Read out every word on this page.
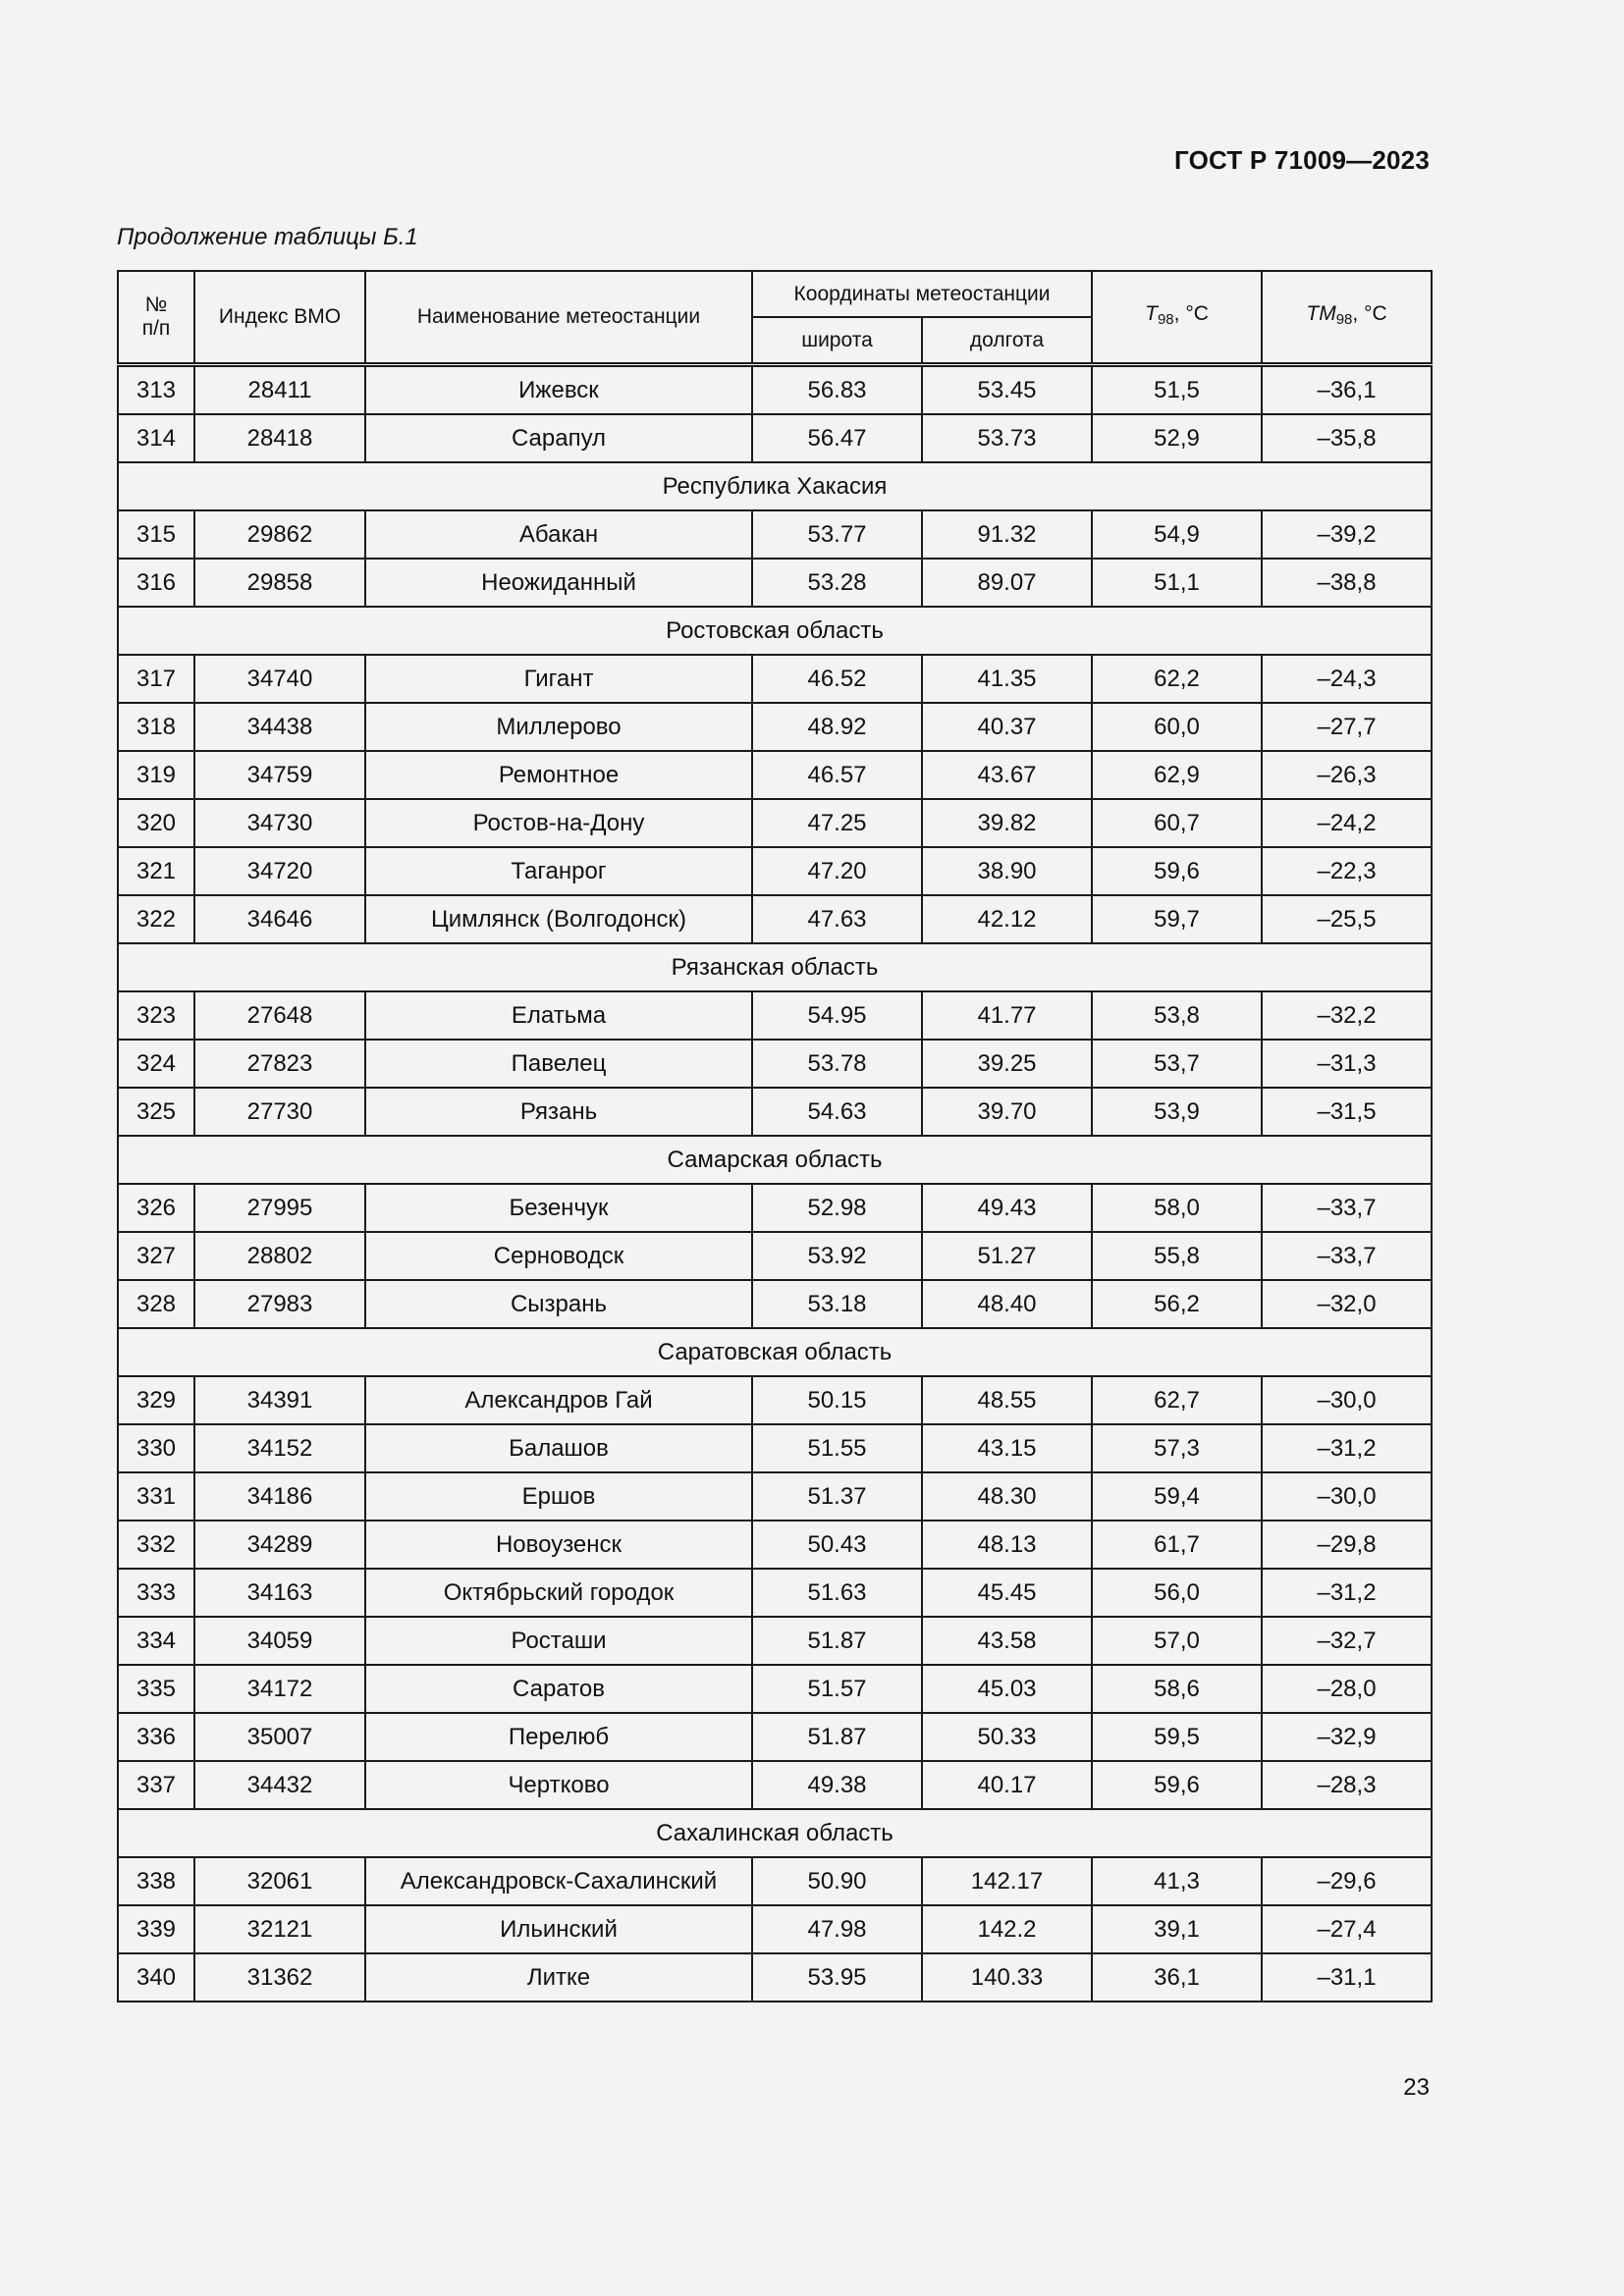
ГОСТ Р 71009—2023
Продолжение таблицы Б.1
№
п/п	Индекс ВМО	Наименование метеостанции	Координаты метеостанции		$T_{98}$, °С	$TM_{98}$, °С
			широта	долгота		
313	28411	Ижевск	56.83	53.45	51,5	–36,1
314	28418	Сарапул	56.47	53.73	52,9	–35,8
Республика Хакасия						
315	29862	Абакан	53.77	91.32	54,9	–39,2
316	29858	Неожиданный	53.28	89.07	51,1	–38,8
Ростовская область						
317	34740	Гигант	46.52	41.35	62,2	–24,3
318	34438	Миллерово	48.92	40.37	60,0	–27,7
319	34759	Ремонтное	46.57	43.67	62,9	–26,3
320	34730	Ростов-на-Дону	47.25	39.82	60,7	–24,2
321	34720	Таганрог	47.20	38.90	59,6	–22,3
322	34646	Цимлянск (Волгодонск)	47.63	42.12	59,7	–25,5
Рязанская область						
323	27648	Елатьма	54.95	41.77	53,8	–32,2
324	27823	Павелец	53.78	39.25	53,7	–31,3
325	27730	Рязань	54.63	39.70	53,9	–31,5
Самарская область						
326	27995	Безенчук	52.98	49.43	58,0	–33,7
327	28802	Серноводск	53.92	51.27	55,8	–33,7
328	27983	Сызрань	53.18	48.40	56,2	–32,0
Саратовская область						
329	34391	Александров Гай	50.15	48.55	62,7	–30,0
330	34152	Балашов	51.55	43.15	57,3	–31,2
331	34186	Ершов	51.37	48.30	59,4	–30,0
332	34289	Новоузенск	50.43	48.13	61,7	–29,8
333	34163	Октябрьский городок	51.63	45.45	56,0	–31,2
334	34059	Росташи	51.87	43.58	57,0	–32,7
335	34172	Саратов	51.57	45.03	58,6	–28,0
336	35007	Перелюб	51.87	50.33	59,5	–32,9
337	34432	Чертково	49.38	40.17	59,6	–28,3
Сахалинская область						
338	32061	Александровск-Сахалинский	50.90	142.17	41,3	–29,6
339	32121	Ильинский	47.98	142.2	39,1	–27,4
340	31362	Литке	53.95	140.33	36,1	–31,1
23
